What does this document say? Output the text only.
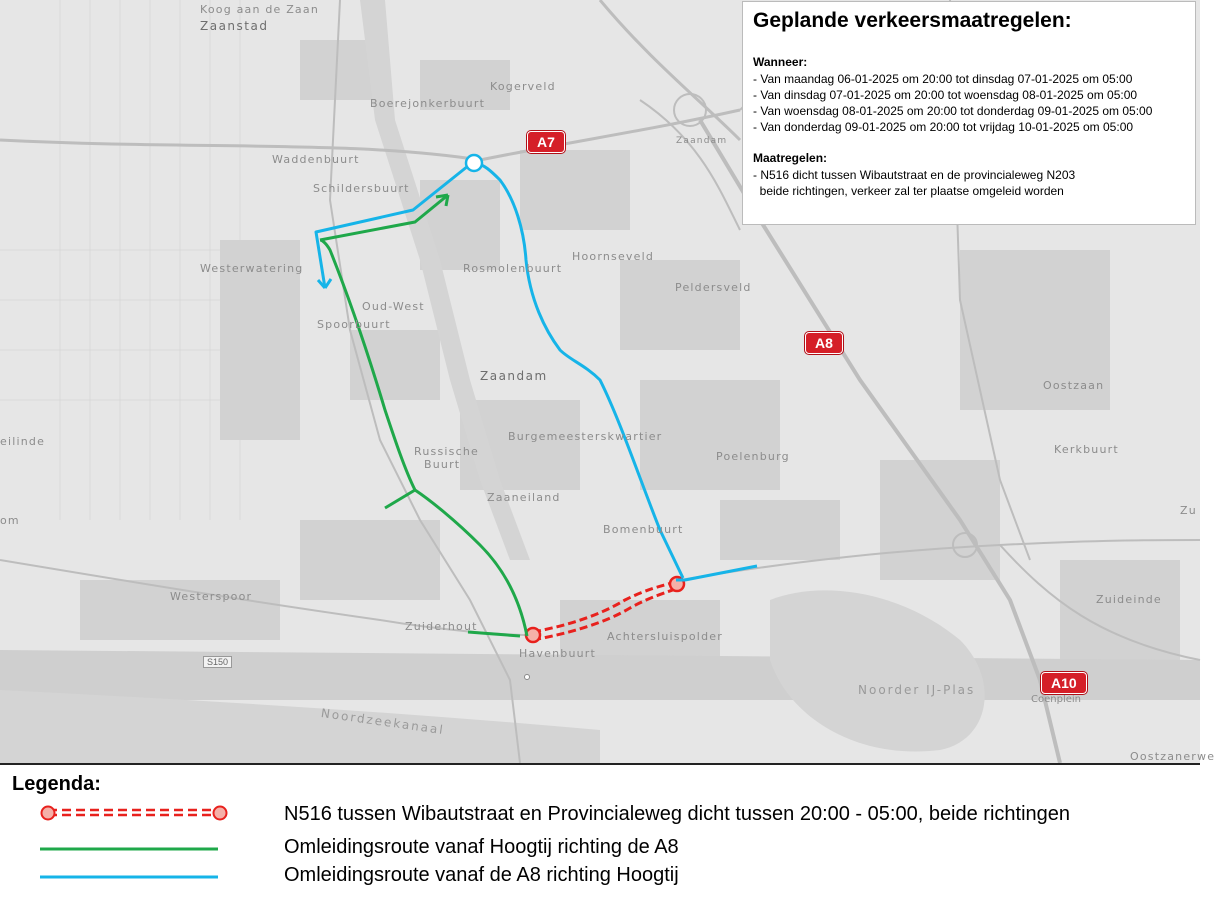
Koog aan de Zaan
Zaanstad
Kogerveld
Boerejonkerbuurt
Zaandam
Waddenbuurt
Schildersbuurt
Westerwatering	Rosmolenbuurt
Hoornseveld
Peldersveld
Oud-West
Spoorbuurt
Zaandam
Oostzaan
Burgemeesterskwartier
Russische
Buurt
Poelenburg
Kerkbuurt
eilinde
om
Zu
Zaaneiland
Bomenbuurt
Westerspoor
Zuiderhout
Havenbuurt
Achtersluispolder
Zuideinde
Noorder IJ-Plas
Coenplein
Noordzeekanaal
Oostzanerwe
A7
A8
A10
S150
Geplande verkeersmaatregelen:
Wanneer:
- Van maandag 06-01-2025 om 20:00 tot dinsdag 07-01-2025 om 05:00
- Van dinsdag 07-01-2025 om 20:00 tot woensdag 08-01-2025 om 05:00
- Van woensdag 08-01-2025 om 20:00 tot donderdag 09-01-2025 om 05:00
- Van donderdag 09-01-2025 om 20:00 tot vrijdag 10-01-2025 om 05:00
Maatregelen:
- N516 dicht tussen Wibautstraat en de provincialeweg N203
beide richtingen, verkeer zal ter plaatse omgeleid worden
Legenda:
N516 tussen Wibautstraat en Provincialeweg dicht tussen 20:00 - 05:00, beide richtingen
Omleidingsroute vanaf Hoogtij richting de A8
Omleidingsroute vanaf de A8 richting Hoogtij
